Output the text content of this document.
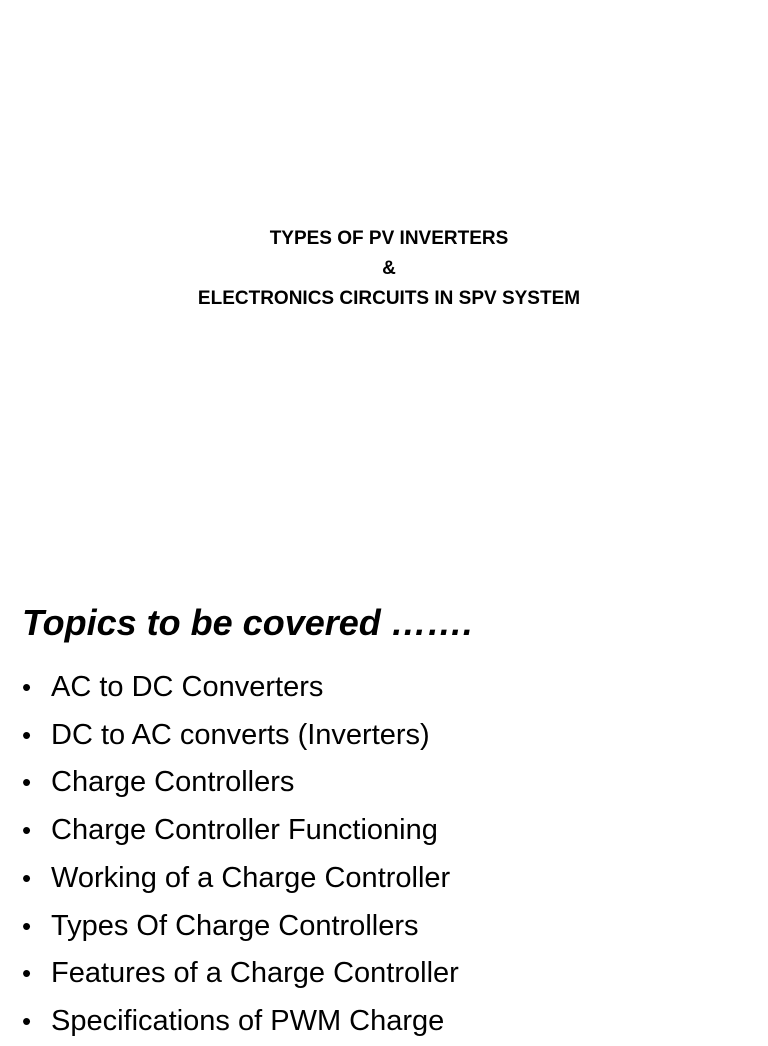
TYPES OF PV INVERTERS
&
ELECTRONICS CIRCUITS IN SPV SYSTEM
Topics to be covered …….
• AC to DC Converters
• DC to AC converts (Inverters)
• Charge Controllers
• Charge Controller Functioning
• Working of a Charge Controller
• Types Of Charge Controllers
• Features of a Charge Controller
• Specifications of PWM Charge
